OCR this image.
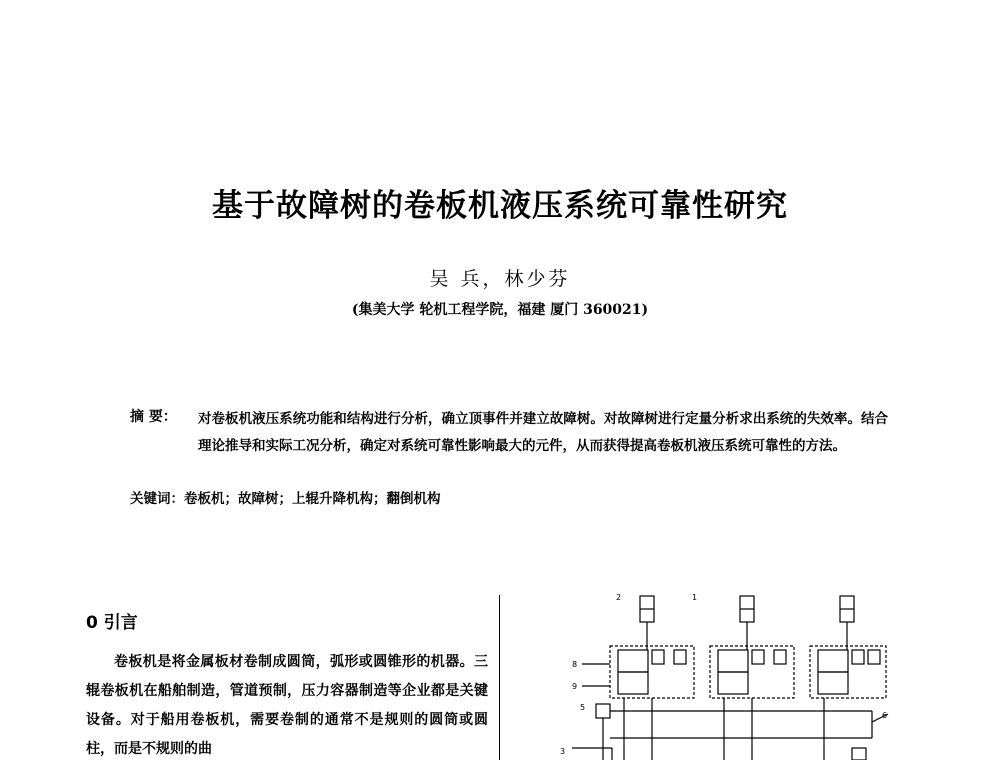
基于故障树的卷板机液压系统可靠性研究
吴 兵，林少芬
(集美大学 轮机工程学院，福建 厦门 360021)
摘 要： 对卷板机液压系统功能和结构进行分析，确立顶事件并建立故障树。对故障树进行定量分析求出系统的失效率。结合理论推导和实际工况分析，确定对系统可靠性影响最大的元件，从而获得提高卷板机液压系统可靠性的方法。
关键词：卷板机；故障树；上辊升降机构；翻倒机构
0 引言
卷板机是将金属板材卷制成圆筒，弧形或圆锥形的机器。三辊卷板机在船舶制造，管道预制，压力容器制造等企业都是关键设备。对于船用卷板机，需要卷制的通常不是规则的圆筒或圆柱，而是不规则的曲
2	1
8
9
5
6
3
